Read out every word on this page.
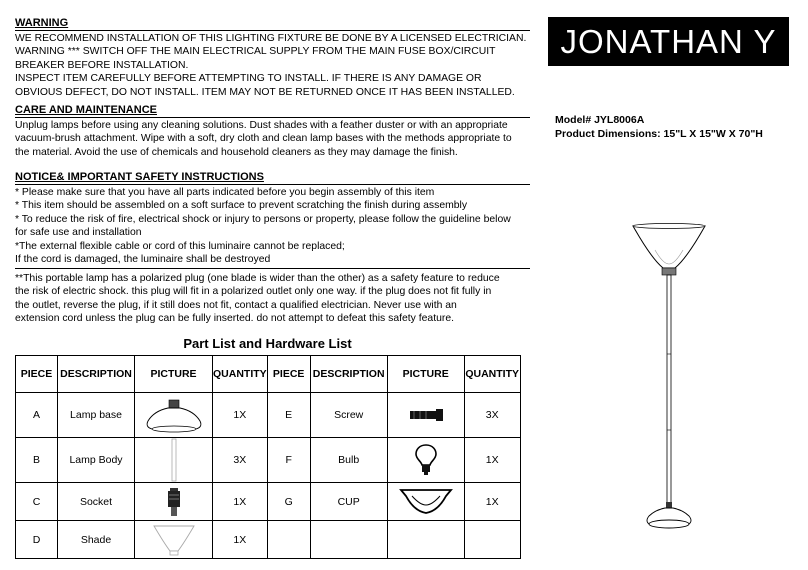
WARNING
WE RECOMMEND INSTALLATION OF THIS LIGHTING FIXTURE BE DONE BY A LICENSED ELECTRICIAN.
WARNING *** SWITCH OFF THE MAIN ELECTRICAL SUPPLY FROM THE MAIN FUSE BOX/CIRCUIT
BREAKER BEFORE INSTALLATION.
INSPECT ITEM CAREFULLY BEFORE ATTEMPTING TO INSTALL. IF THERE IS ANY DAMAGE OR
OBVIOUS DEFECT, DO NOT INSTALL. ITEM MAY NOT BE RETURNED ONCE IT HAS BEEN INSTALLED.
CARE AND MAINTENANCE
Unplug lamps before using any cleaning solutions. Dust shades with a feather duster or with an appropriate
vacuum-brush attachment. Wipe with a soft, dry cloth and clean lamp bases with the methods appropriate to
the material. Avoid the use of chemicals and household cleaners as they may damage the finish.
NOTICE& IMPORTANT SAFETY INSTRUCTIONS
* Please make sure that you have all parts indicated before you begin assembly of this item
* This item should be assembled on a soft surface to prevent scratching the finish during assembly
* To reduce the risk of fire, electrical shock or injury to persons or property, please follow the guideline below
for safe use and installation
*The external flexible cable or cord of this luminaire cannot be replaced;
If the cord is damaged, the luminaire shall be destroyed
**This portable lamp has a polarized plug (one blade is wider than the other) as a safety feature to reduce
the risk of electric shock. this plug will fit in a polarized outlet only one way. if the plug does not fit fully in
the outlet, reverse the plug, if it still does not fit, contact a qualified electrician. Never use with an
extension cord unless the plug can be fully inserted. do not attempt to defeat this safety feature.
JONATHAN Y
Model# JYL8006A
Product Dimensions: 15"L X 15"W X 70"H
Part List and Hardware List
PIECE	DESCRIPTION	PICTURE	QUANTITY	PIECE	DESCRIPTION	PICTURE	QUANTITY
A	Lamp base		1X	E	Screw		3X
B	Lamp Body		3X	F	Bulb		1X
C	Socket		1X	G	CUP		1X
D	Shade		1X				
